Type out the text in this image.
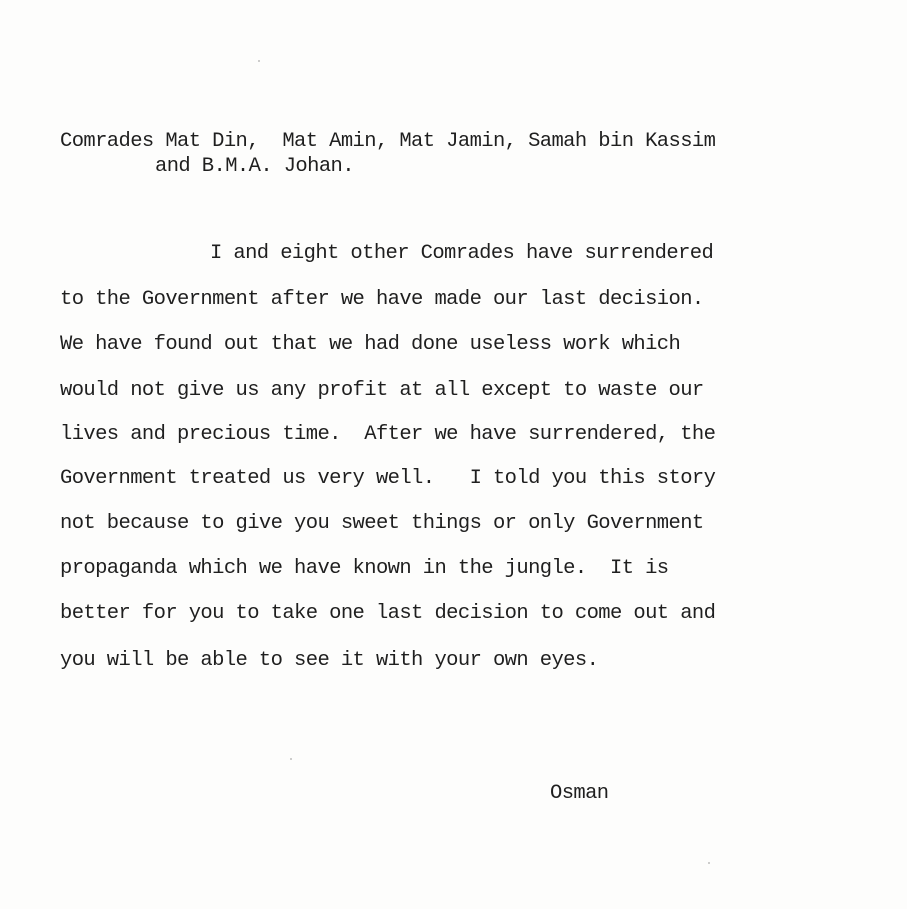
Comrades Mat Din,  Mat Amin, Mat Jamin, Samah bin Kassim
and B.M.A. Johan.
I and eight other Comrades have surrendered
to the Government after we have made our last decision.
We have found out that we had done useless work which
would not give us any profit at all except to waste our
lives and precious time.  After we have surrendered, the
Government treated us very well.   I told you this story
not because to give you sweet things or only Government
propaganda which we have known in the jungle.  It is
better for you to take one last decision to come out and
you will be able to see it with your own eyes.
Osman
